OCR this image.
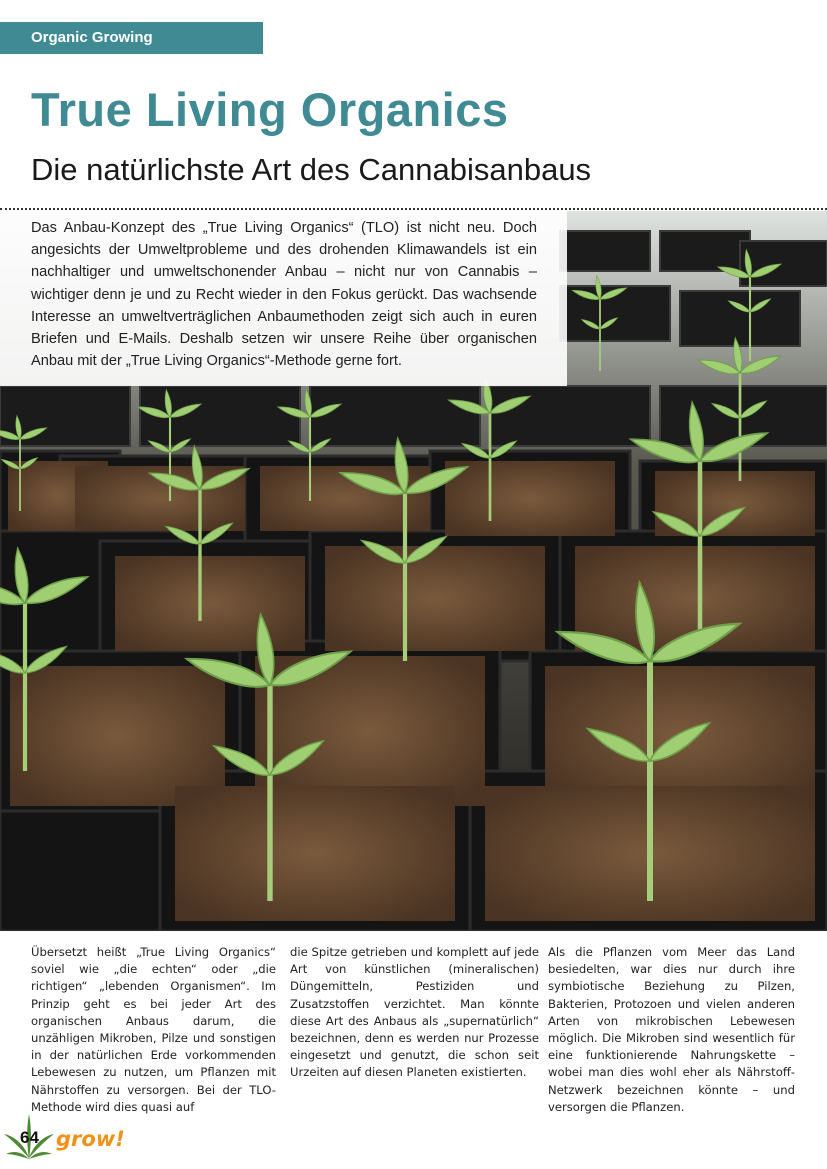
Organic Growing
True Living Organics
Die natürlichste Art des Cannabisanbaus
Das Anbau-Konzept des „True Living Organics“ (TLO) ist nicht neu. Doch angesichts der Umweltprobleme und des drohenden Klimawandels ist ein nachhaltiger und umweltschonender Anbau – nicht nur von Cannabis – wichtiger denn je und zu Recht wieder in den Fokus gerückt. Das wachsende Interesse an umweltverträglichen Anbaumethoden zeigt sich auch in euren Briefen und E-Mails. Deshalb setzen wir unsere Reihe über organischen Anbau mit der „True Living Organics“-Methode gerne fort.
Übersetzt heißt „True Living Organics“ soviel wie „die echten“ oder „die richtigen“ „lebenden Organismen“. Im Prinzip geht es bei jeder Art des organischen Anbaus darum, die unzähligen Mikroben, Pilze und sonstigen in der natürlichen Erde vorkommenden Lebewesen zu nutzen, um Pflanzen mit Nährstoffen zu versorgen. Bei der TLO-Methode wird dies quasi auf
die Spitze getrieben und komplett auf jede Art von künstlichen (mineralischen) Düngemitteln, Pestiziden und Zusatzstoffen verzichtet. Man könnte diese Art des Anbaus als „supernatürlich“ bezeichnen, denn es werden nur Prozesse eingesetzt und genutzt, die schon seit Urzeiten auf diesen Planeten existierten.
Als die Pflanzen vom Meer das Land besiedelten, war dies nur durch ihre symbiotische Beziehung zu Pilzen, Bakterien, Protozoen und vielen anderen Arten von mikrobischen Lebewesen möglich. Die Mikroben sind wesentlich für eine funktionierende Nahrungskette – wobei man dies wohl eher als Nährstoff-Netzwerk bezeichnen könnte – und versorgen die Pflanzen.
64 grow!
